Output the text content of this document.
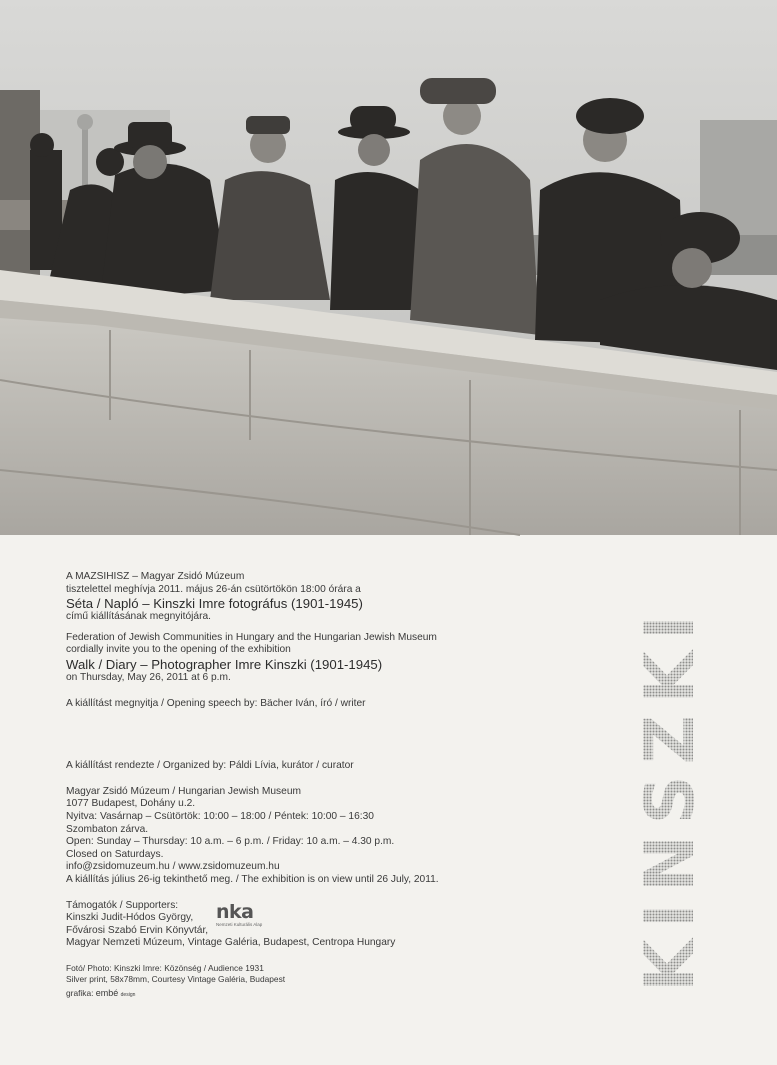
A MAZSIHISZ – Magyar Zsidó Múzeum

tisztelettel meghívja 2011. május 26-án csütörtökön 18:00 órára a

Séta / Napló – Kinszki Imre fotográfus (1901-1945)

című kiállításának megnyitójára.

Federation of Jewish Communities in Hungary and the Hungarian Jewish Museum

cordially invite you to the opening of the exhibition

Walk / Diary – Photographer Imre Kinszki (1901-1945)

on Thursday, May 26, 2011 at 6 p.m.

A kiállítást megnyitja / Opening speech by: Bächer Iván, író / writer

A kiállítást rendezte / Organized by: Páldi Lívia, kurátor / curator

Magyar Zsidó Múzeum / Hungarian Jewish Museum

1077 Budapest, Dohány u.2.

Nyitva: Vasárnap – Csütörtök: 10:00 – 18:00 / Péntek: 10:00 – 16:30

Szombaton zárva.

Open: Sunday – Thursday: 10 a.m. – 6 p.m. / Friday: 10 a.m. – 4.30 p.m.

Closed on Saturdays.

info@zsidomuzeum.hu / www.zsidomuzeum.hu

A kiállítás július 26-ig tekinthető meg. / The exhibition is on view until 26 July, 2011.

Támogatók / Supporters:

Kinszki Judit-Hódos György,

Fővárosi Szabó Ervin Könyvtár,

Magyar Nemzeti Múzeum, Vintage Galéria, Budapest, Centropa Hungary

nka
Nemzeti Kulturális Alap

Fotó/ Photo: Kinszki Imre: Közönség / Audience 1931

Silver print, 58x78mm, Courtesy Vintage Galéria, Budapest

grafika: embé design

KINSZKI
